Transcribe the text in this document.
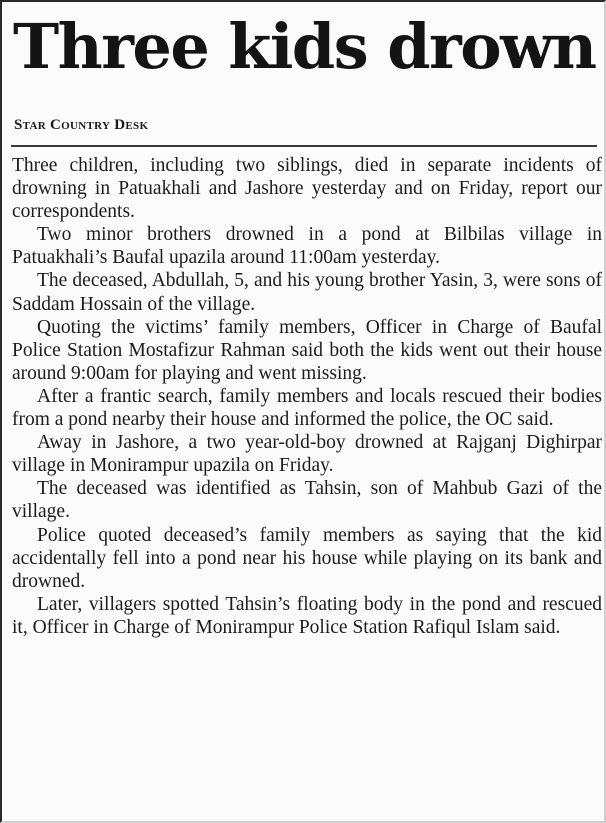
Three kids drown
Star Country Desk

Three children, including two siblings, died in separate incidents of drowning in Patuakhali and Jashore yesterday and on Friday, report our correspondents.

Two minor brothers drowned in a pond at Bilbilas village in Patuakhali’s Baufal upazila around 11:00am yesterday.

The deceased, Abdullah, 5, and his young brother Yasin, 3, were sons of Saddam Hossain of the village.

Quoting the victims’ family members, Officer in Charge of Baufal Police Station Mostafizur Rahman said both the kids went out their house around 9:00am for playing and went missing.

After a frantic search, family members and locals rescued their bodies from a pond nearby their house and informed the police, the OC said.

Away in Jashore, a two year-old-boy drowned at Rajganj Dighirpar village in Monirampur upazila on Friday.

The deceased was identified as Tahsin, son of Mahbub Gazi of the village.

Police quoted deceased’s family members as saying that the kid accidentally fell into a pond near his house while playing on its bank and drowned.

Later, villagers spotted Tahsin’s floating body in the pond and rescued it, Officer in Charge of Monirampur Police Station Rafiqul Islam said.
